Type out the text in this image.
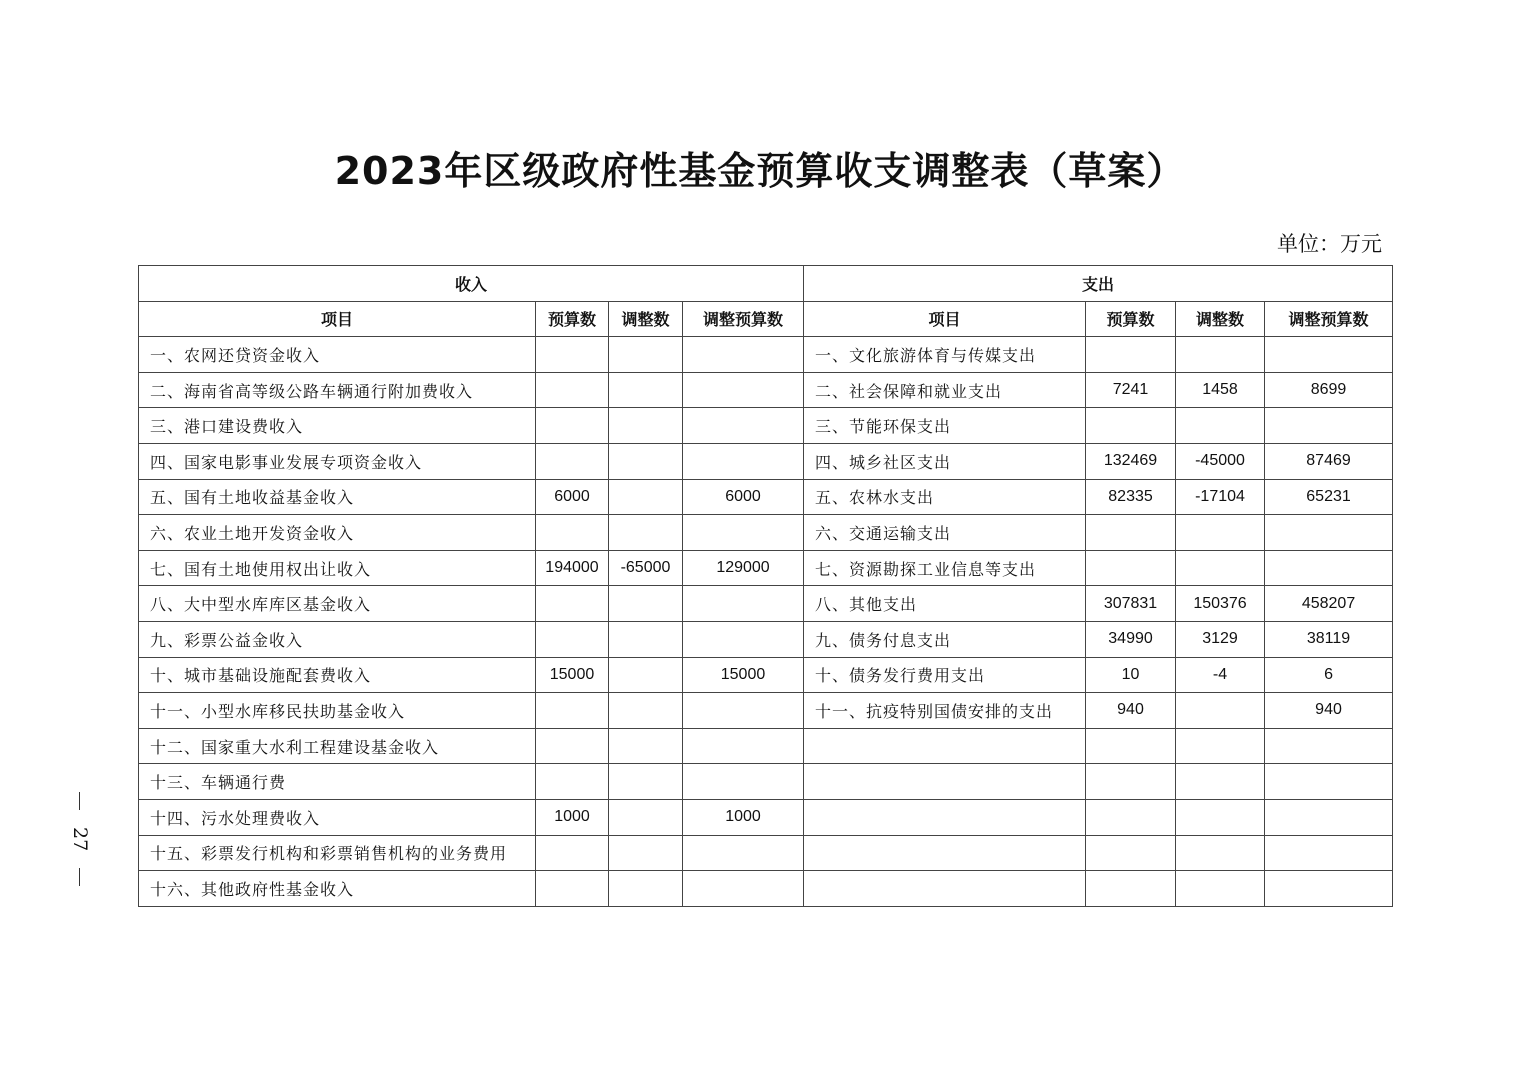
2023年区级政府性基金预算收支调整表（草案）
单位：万元
27
收入				支出			
项目	预算数	调整数	调整预算数	项目	预算数	调整数	调整预算数
一、农网还贷资金收入				一、文化旅游体育与传媒支出			
二、海南省高等级公路车辆通行附加费收入				二、社会保障和就业支出	7241	1458	8699
三、港口建设费收入				三、节能环保支出			
四、国家电影事业发展专项资金收入				四、城乡社区支出	132469	-45000	87469
五、国有土地收益基金收入	6000		6000	五、农林水支出	82335	-17104	65231
六、农业土地开发资金收入				六、交通运输支出			
七、国有土地使用权出让收入	194000	-65000	129000	七、资源勘探工业信息等支出			
八、大中型水库库区基金收入				八、其他支出	307831	150376	458207
九、彩票公益金收入				九、债务付息支出	34990	3129	38119
十、城市基础设施配套费收入	15000		15000	十、债务发行费用支出	10	-4	6
十一、小型水库移民扶助基金收入				十一、抗疫特别国债安排的支出	940		940
十二、国家重大水利工程建设基金收入							
十三、车辆通行费							
十四、污水处理费收入	1000		1000				
十五、彩票发行机构和彩票销售机构的业务费用							
十六、其他政府性基金收入							
